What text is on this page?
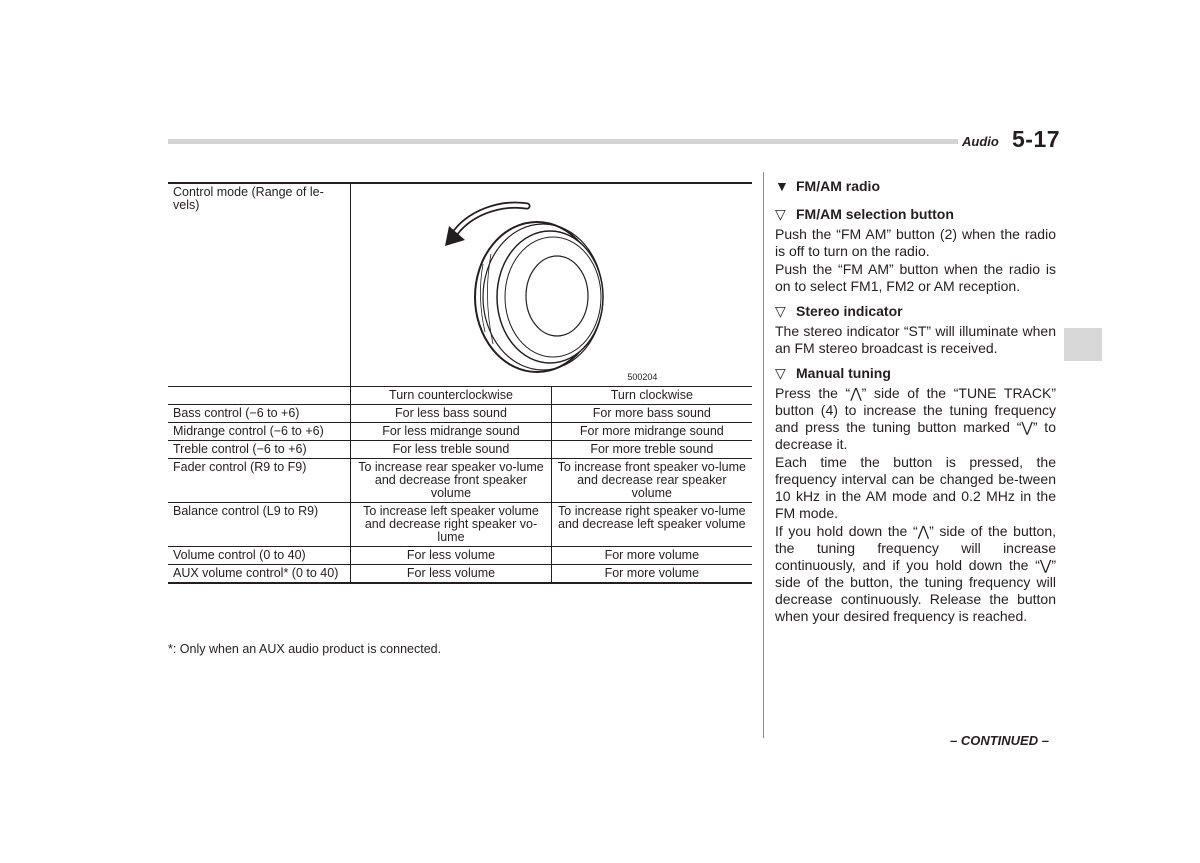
Audio 5-17
Control mode (Range of le-vels)	500204	

	Turn counterclockwise	Turn clockwise
Bass control (−6 to +6)	For less bass sound	For more bass sound
Midrange control (−6 to +6)	For less midrange sound	For more midrange sound
Treble control (−6 to +6)	For less treble sound	For more treble sound
Fader control (R9 to F9)	To increase rear speaker vo-lume and decrease front speaker volume	To increase front speaker vo-lume and decrease rear speaker volume
Balance control (L9 to R9)	To increase left speaker volume and decrease right speaker vo-lume	To increase right speaker vo-lume and decrease left speaker volume
Volume control (0 to 40)	For less volume	For more volume
AUX volume control* (0 to 40)	For less volume	For more volume
*: Only when an AUX audio product is connected.

▼ FM/AM radio

▽ FM/AM selection button

Push the “FM AM” button (2) when the radio is off to turn on the radio.

Push the “FM AM” button when the radio is on to select FM1, FM2 or AM reception.

▽ Stereo indicator

The stereo indicator “ST” will illuminate when an FM stereo broadcast is received.

▽ Manual tuning

Press the “⋀” side of the “TUNE TRACK” button (4) to increase the tuning frequency and press the tuning button marked “⋁” to decrease it.

Each time the button is pressed, the frequency interval can be changed be-tween 10 kHz in the AM mode and 0.2 MHz in the FM mode.

If you hold down the “⋀” side of the button, the tuning frequency will increase continuously, and if you hold down the “⋁” side of the button, the tuning frequency will decrease continuously. Release the button when your desired frequency is reached.

– CONTINUED –
